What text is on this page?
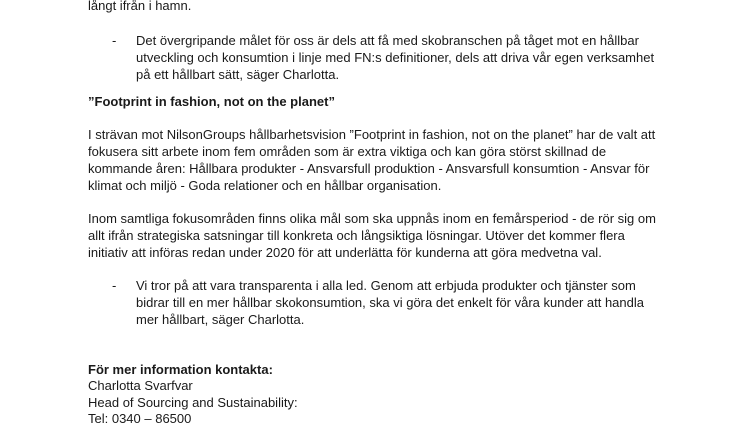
långt ifrån i hamn.
- Det övergripande målet för oss är dels att få med skobranschen på tåget mot en hållbar
utveckling och konsumtion i linje med FN:s definitioner, dels att driva vår egen verksamhet
på ett hållbart sätt, säger Charlotta.
”Footprint in fashion, not on the planet”
I strävan mot NilsonGroups hållbarhetsvision ”Footprint in fashion, not on the planet” har de valt att
fokusera sitt arbete inom fem områden som är extra viktiga och kan göra störst skillnad de
kommande åren: Hållbara produkter - Ansvarsfull produktion - Ansvarsfull konsumtion - Ansvar för
klimat och miljö - Goda relationer och en hållbar organisation.
Inom samtliga fokusområden finns olika mål som ska uppnås inom en femårsperiod - de rör sig om
allt ifrån strategiska satsningar till konkreta och långsiktiga lösningar. Utöver det kommer flera
initiativ att införas redan under 2020 för att underlätta för kunderna att göra medvetna val.
- Vi tror på att vara transparenta i alla led. Genom att erbjuda produkter och tjänster som
bidrar till en mer hållbar skokonsumtion, ska vi göra det enkelt för våra kunder att handla
mer hållbart, säger Charlotta.
För mer information kontakta:
Charlotta Svarfvar
Head of Sourcing and Sustainability:
Tel: 0340 – 86500
